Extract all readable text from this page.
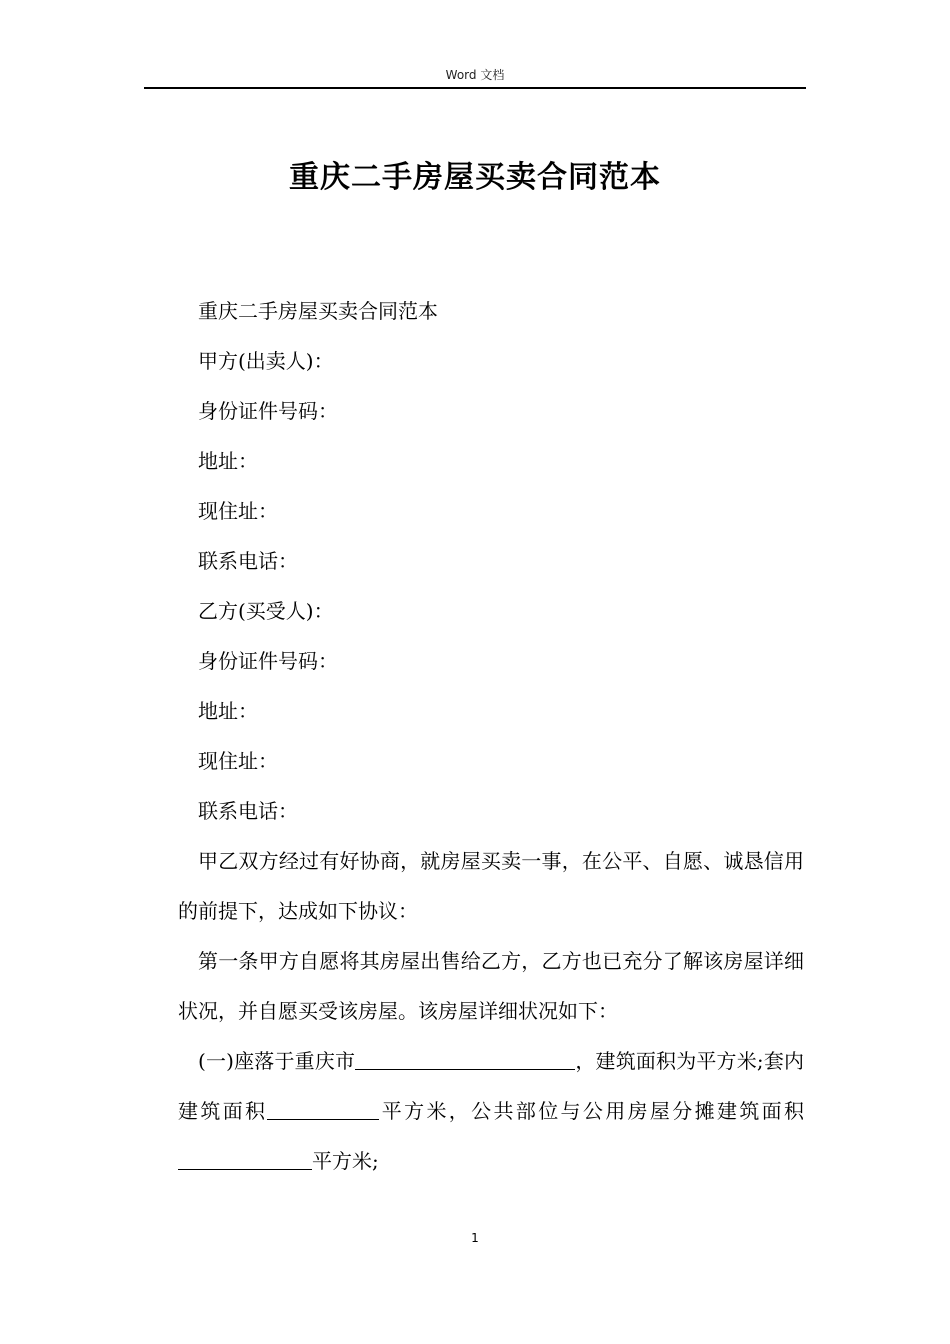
Word 文档
重庆二手房屋买卖合同范本

重庆二手房屋买卖合同范本

甲方(出卖人)：

身份证件号码：

地址：

现住址：

联系电话：

乙方(买受人)：

身份证件号码：

地址：

现住址：

联系电话：

甲乙双方经过有好协商，就房屋买卖一事，在公平、自愿、诚恳信用的前提下，达成如下协议：

第一条甲方自愿将其房屋出售给乙方，乙方也已充分了解该房屋详细状况，并自愿买受该房屋。该房屋详细状况如下：

(一)座落于重庆市	，建筑面积为平方米;套内建筑面积	平方米，公共部位与公用房屋分摊建筑面积平方米;

1
